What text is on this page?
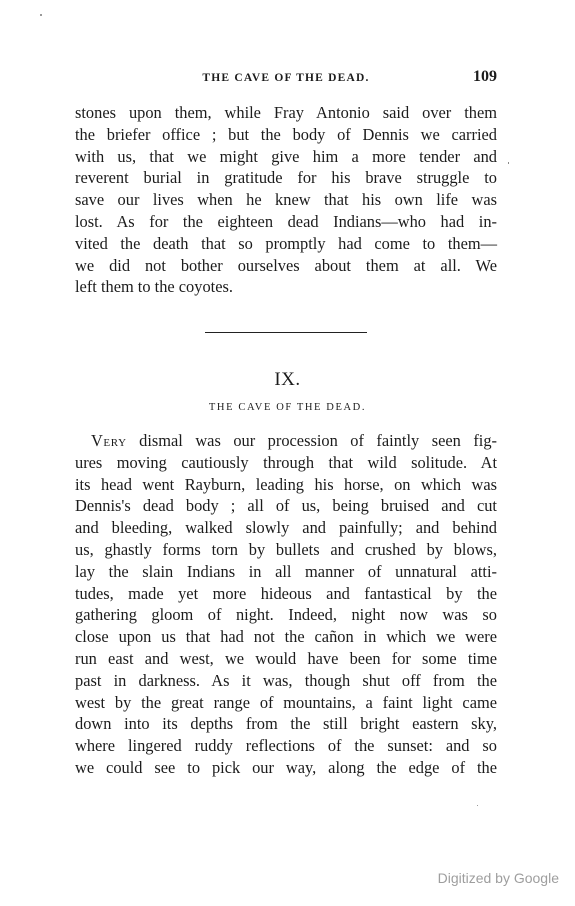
THE CAVE OF THE DEAD.	109
stones upon them, while Fray Antonio said over them
the briefer office ; but the body of Dennis we carried
with us, that we might give him a more tender and
reverent burial in gratitude for his brave struggle to
save our lives when he knew that his own life was
lost. As for the eighteen dead Indians—who had in-
vited the death that so promptly had come to them—
we did not bother ourselves about them at all. We
left them to the coyotes.
IX.
THE CAVE OF THE DEAD.
Very dismal was our procession of faintly seen fig-
ures moving cautiously through that wild solitude. At
its head went Rayburn, leading his horse, on which was
Dennis's dead body ; all of us, being bruised and cut
and bleeding, walked slowly and painfully; and behind
us, ghastly forms torn by bullets and crushed by blows,
lay the slain Indians in all manner of unnatural atti-
tudes, made yet more hideous and fantastical by the
gathering gloom of night. Indeed, night now was so
close upon us that had not the cañon in which we were
run east and west, we would have been for some time
past in darkness. As it was, though shut off from the
west by the great range of mountains, a faint light came
down into its depths from the still bright eastern sky,
where lingered ruddy reflections of the sunset: and so
we could see to pick our way, along the edge of the
Digitized by Google
